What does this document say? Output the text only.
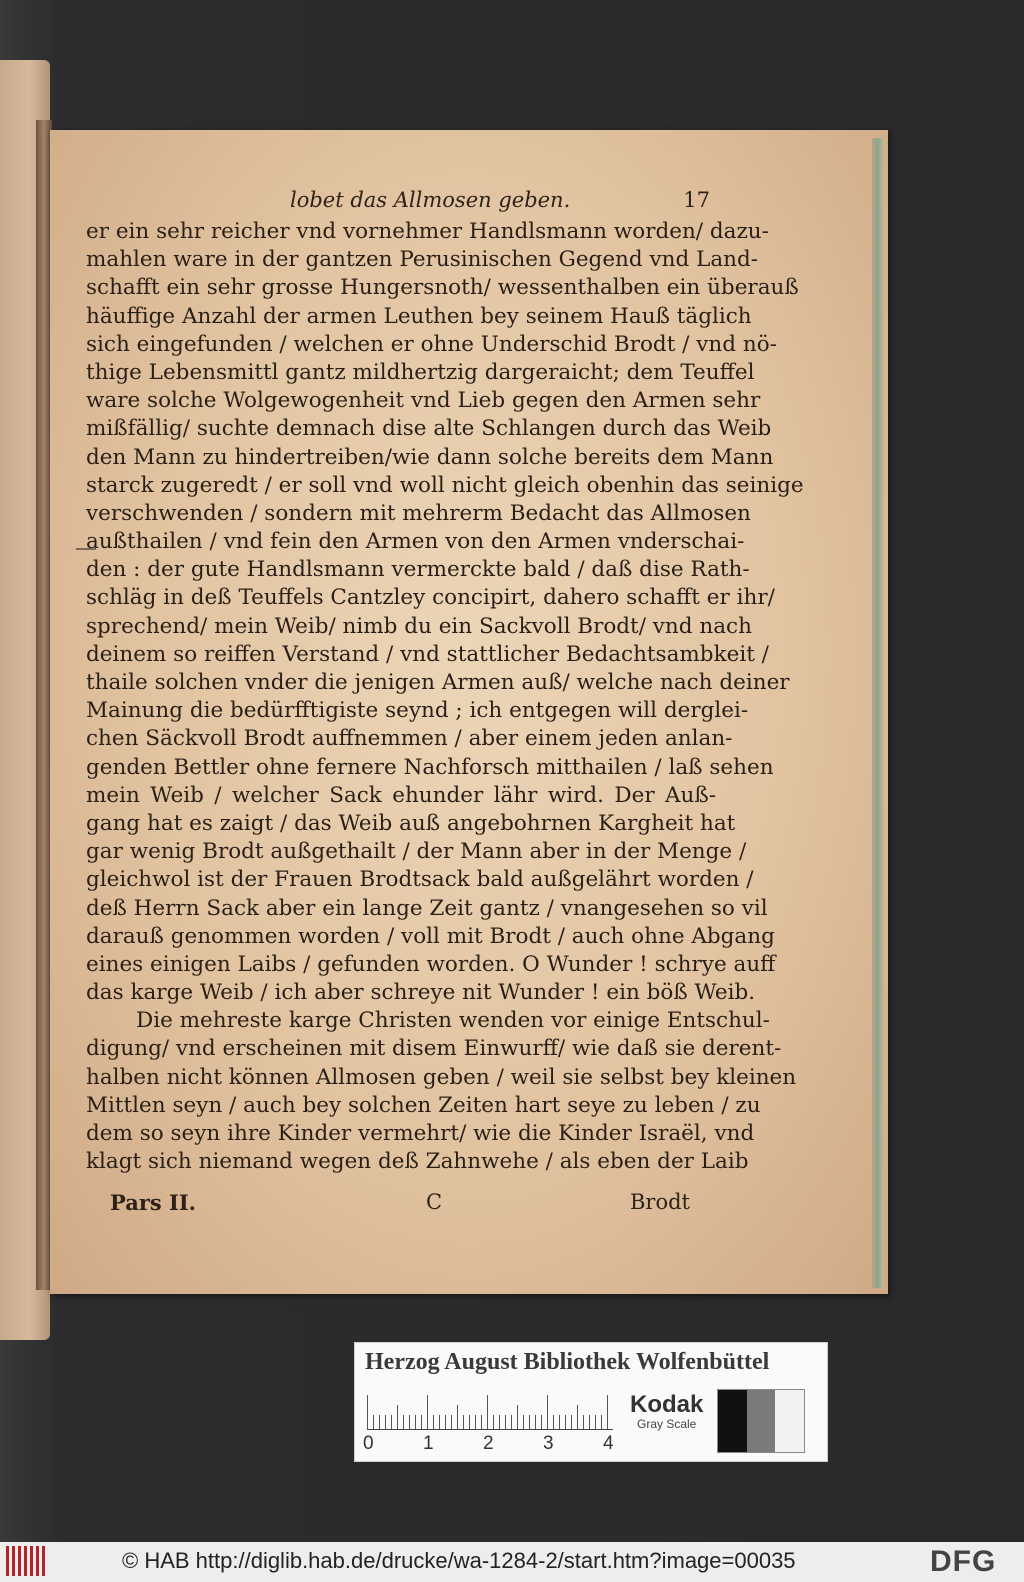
lobet das Allmosen geben.	17
er ein sehr reicher vnd vornehmer Handlsmann worden/ dazu-
mahlen ware in der gantzen Perusinischen Gegend vnd Land-
schafft ein sehr grosse Hungersnoth/ wessenthalben ein überauß
häuffige Anzahl der armen Leuthen bey seinem Hauß täglich
sich eingefunden / welchen er ohne Underschid Brodt / vnd nö-
thige Lebensmittl gantz mildhertzig dargeraicht; dem Teuffel
ware solche Wolgewogenheit vnd Lieb gegen den Armen sehr
mißfällig/ suchte demnach dise alte Schlangen durch das Weib
den Mann zu hindertreiben/wie dann solche bereits dem Mann
starck zugeredt / er soll vnd woll nicht gleich obenhin das seinige
verschwenden / sondern mit mehrerm Bedacht das Allmosen
außthailen / vnd fein den Armen von den Armen vnderschai-
den : der gute Handlsmann vermerckte bald / daß dise Rath-
schläg in deß Teuffels Cantzley concipirt, dahero schafft er ihr/
sprechend/ mein Weib/ nimb du ein Sackvoll Brodt/ vnd nach
deinem so reiffen Verstand / vnd stattlicher Bedachtsambkeit /
thaile solchen vnder die jenigen Armen auß/ welche nach deiner
Mainung die bedürfftigiste seynd ; ich entgegen will derglei-
chen Säckvoll Brodt auffnemmen / aber einem jeden anlan-
genden Bettler ohne fernere Nachforsch mitthailen / laß sehen
mein Weib / welcher Sack ehunder lähr wird. Der Auß-
gang hat es zaigt / das Weib auß angebohrnen Kargheit hat
gar wenig Brodt außgethailt / der Mann aber in der Menge /
gleichwol ist der Frauen Brodtsack bald außgelährt worden /
deß Herrn Sack aber ein lange Zeit gantz / vnangesehen so vil
darauß genommen worden / voll mit Brodt / auch ohne Abgang
eines einigen Laibs / gefunden worden. O Wunder ! schrye auff
das karge Weib / ich aber schreye nit Wunder ! ein böß Weib.
Die mehreste karge Christen wenden vor einige Entschul-
digung/ vnd erscheinen mit disem Einwurff/ wie daß sie derent-
halben nicht können Allmosen geben / weil sie selbst bey kleinen
Mittlen seyn / auch bey solchen Zeiten hart seye zu leben / zu
dem so seyn ihre Kinder vermehrt/ wie die Kinder Israël, vnd
klagt sich niemand wegen deß Zahnwehe / als eben der Laib
Pars II.	C	Brodt
Herzog August Bibliothek Wolfenbüttel
0	1	2	3	4
Kodak
Gray Scale
© HAB http://diglib.hab.de/drucke/wa-1284-2/start.htm?image=00035	DFG
